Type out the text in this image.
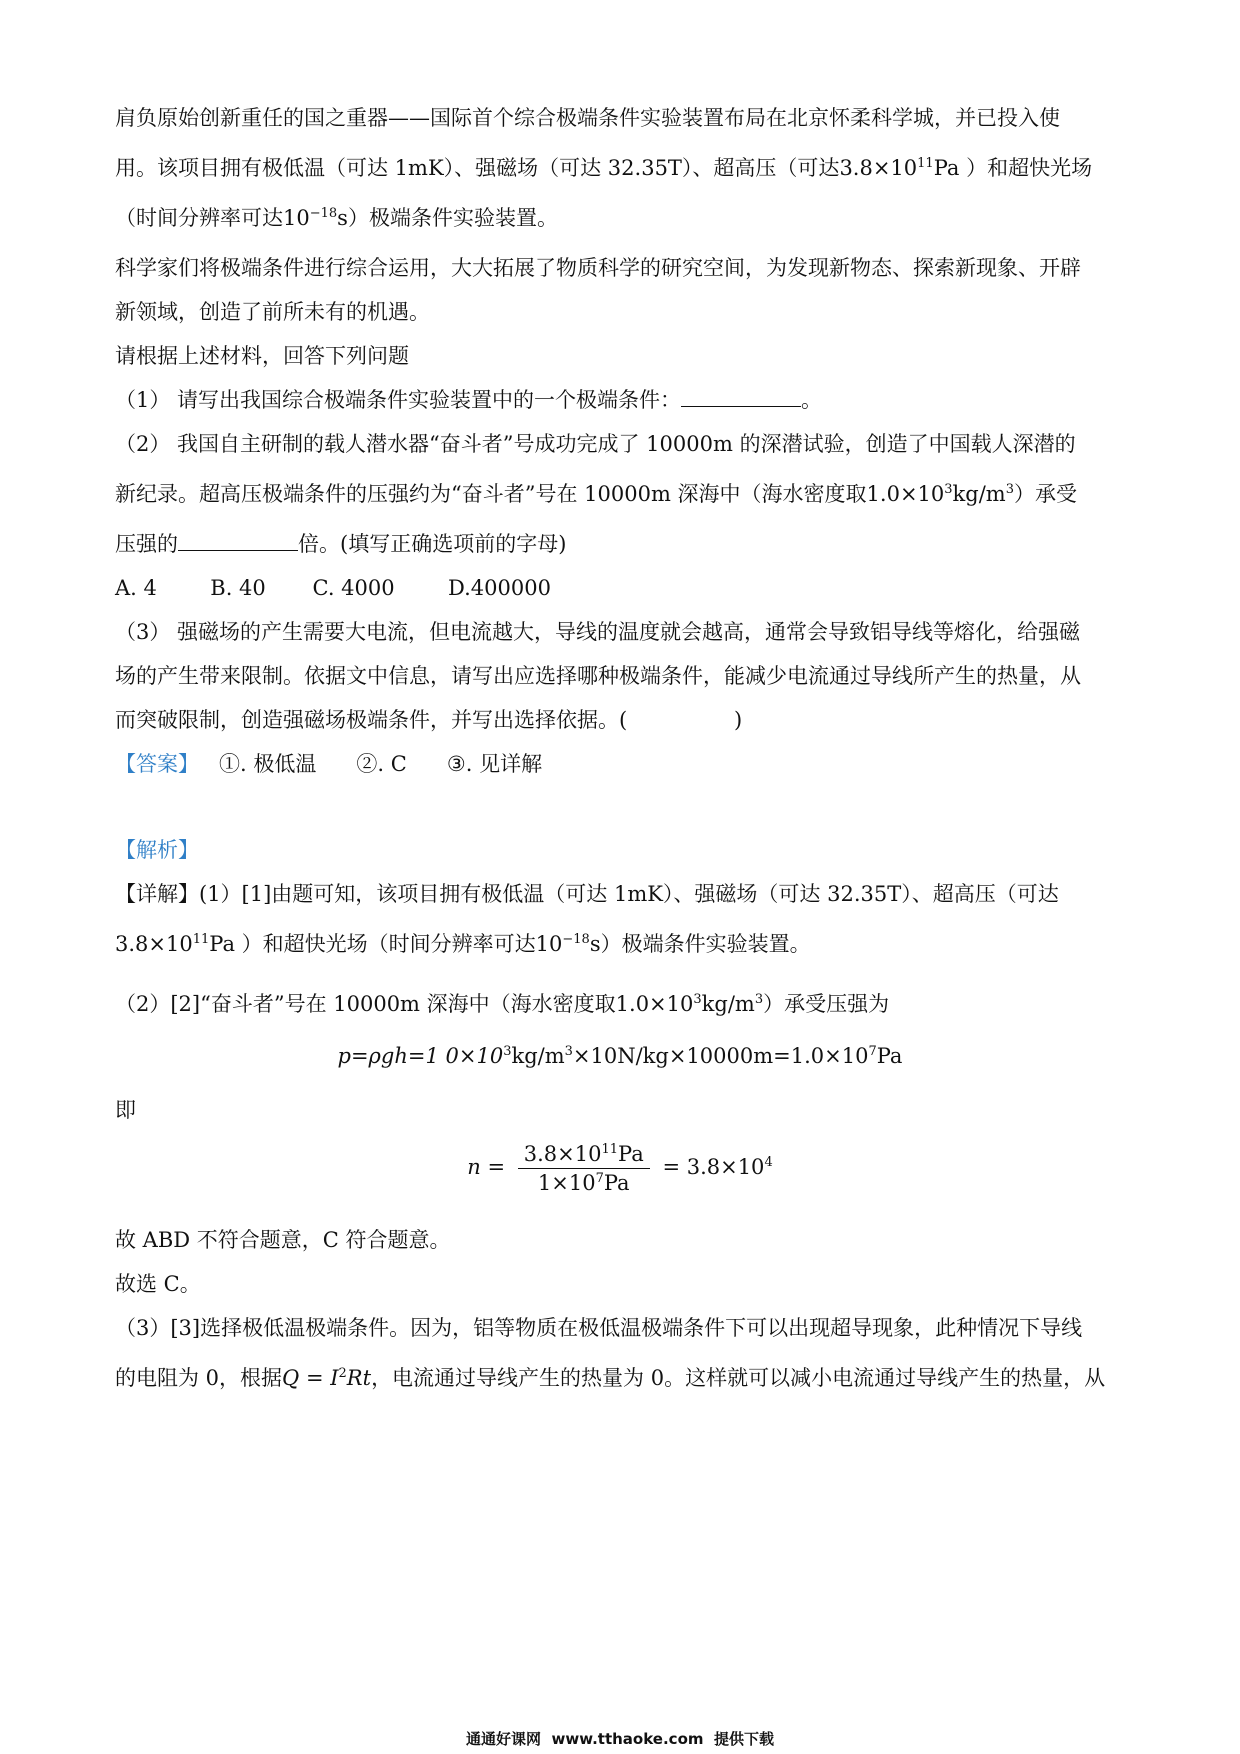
肩负原始创新重任的国之重器——国际首个综合极端条件实验装置布局在北京怀柔科学城，并已投入使
用。该项目拥有极低温（可达 1mK）、强磁场（可达 32.35T）、超高压（可达$3.8\times 10^{11}Pa$ ）和超快光场
（时间分辨率可达$10^{-18}s$）极端条件实验装置。
科学家们将极端条件进行综合运用，大大拓展了物质科学的研究空间，为发现新物态、探索新现象、开辟
新领域，创造了前所未有的机遇。
请根据上述材料，回答下列问题
（1） 请写出我国综合极端条件实验装置中的一个极端条件：	。
（2） 我国自主研制的载人潜水器“奋斗者”号成功完成了 10000m 的深潜试验，创造了中国载人深潜的
新纪录。超高压极端条件的压强约为“奋斗者”号在 10000m 深海中（海水密度取$1.0\times 10^3kg/m^3$）承受
压强的	倍。(填写正确选项前的字母)
A. 4        B. 40       C. 4000        D.400000
（3） 强磁场的产生需要大电流，但电流越大，导线的温度就会越高，通常会导致铝导线等熔化，给强磁
场的产生带来限制。依据文中信息，请写出应选择哪种极端条件，能减少电流通过导线所产生的热量，从
而突破限制，创造强磁场极端条件，并写出选择依据。(                )
【答案】   ①. 极低温      ②. C      ③. 见详解
【解析】
【详解】(1）[1]由题可知，该项目拥有极低温（可达 1mK）、强磁场（可达 32.35T）、超高压（可达
$3.8\times 10^{11}Pa$ ）和超快光场（时间分辨率可达$10^{-18}s$）极端条件实验装置。
（2）[2]“奋斗者”号在 10000m 深海中（海水密度取$1.0\times 10^3kg/m^3$）承受压强为
p=ρgh=1 $0\times 10^3kg/m^3\times 10N/kg\times 10000m=1.0\times 10^7Pa$
即
$n = \frac{3.8\times 10^{11}Pa}{1\times 10^7Pa} = 3.8\times 10^4$
故 ABD 不符合题意，C 符合题意。
故选 C。
（3）[3]选择极低温极端条件。因为，铝等物质在极低温极端条件下可以出现超导现象，此种情况下导线
的电阻为 0，根据$Q = I^2Rt$，电流通过导线产生的热量为 0。这样就可以减小电流通过导线产生的热量，从
通通好课网  www.tthaoke.com  提供下载
